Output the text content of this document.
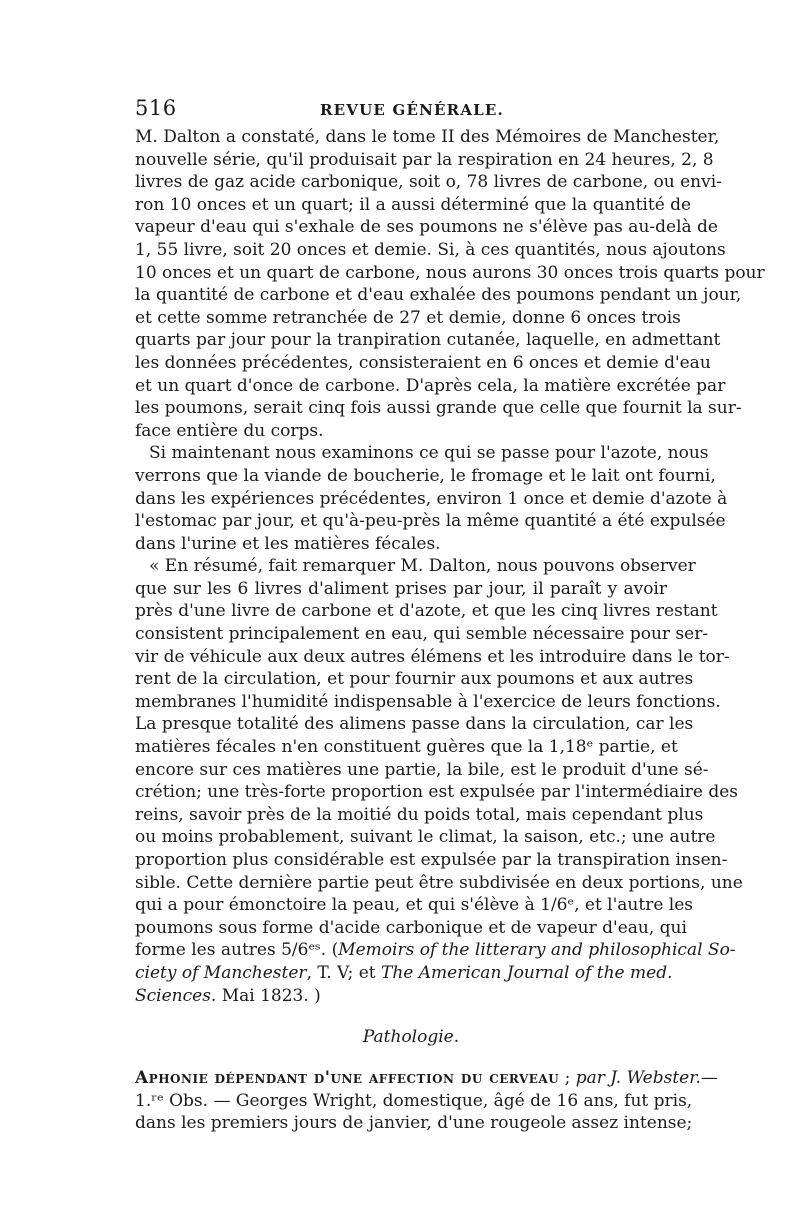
516	REVUE GÉNÉRALE.

M. Dalton a constaté, dans le tome II des Mémoires de Manchester,

nouvelle série, qu'il produisait par la respiration en 24 heures, 2, 8

livres de gaz acide carbonique, soit o, 78 livres de carbone, ou envi-

ron 10 onces et un quart; il a aussi déterminé que la quantité de

vapeur d'eau qui s'exhale de ses poumons ne s'élève pas au-delà de

1, 55 livre, soit 20 onces et demie. Si, à ces quantités, nous ajoutons

10 onces et un quart de carbone, nous aurons 30 onces trois quarts pour

la quantité de carbone et d'eau exhalée des poumons pendant un jour,

et cette somme retranchée de 27 et demie, donne 6 onces trois

quarts par jour pour la tranpiration cutanée, laquelle, en admettant

les données précédentes, consisteraient en 6 onces et demie d'eau

et un quart d'once de carbone. D'après cela, la matière excrétée par

les poumons, serait cinq fois aussi grande que celle que fournit la sur-

face entière du corps.

Si maintenant nous examinons ce qui se passe pour l'azote, nous

verrons que la viande de boucherie, le fromage et le lait ont fourni,

dans les expériences précédentes, environ 1 once et demie d'azote à

l'estomac par jour, et qu'à-peu-près la même quantité a été expulsée

dans l'urine et les matières fécales.

« En résumé, fait remarquer M. Dalton, nous pouvons observer

que sur les 6 livres d'aliment prises par jour, il paraît y avoir

près d'une livre de carbone et d'azote, et que les cinq livres restant

consistent principalement en eau, qui semble nécessaire pour ser-

vir de véhicule aux deux autres élémens et les introduire dans le tor-

rent de la circulation, et pour fournir aux poumons et aux autres

membranes l'humidité indispensable à l'exercice de leurs fonctions.

La presque totalité des alimens passe dans la circulation, car les

matières fécales n'en constituent guères que la 1,18ᵉ partie, et

encore sur ces matières une partie, la bile, est le produit d'une sé-

crétion; une très-forte proportion est expulsée par l'intermédiaire des

reins, savoir près de la moitié du poids total, mais cependant plus

ou moins probablement, suivant le climat, la saison, etc.; une autre

proportion plus considérable est expulsée par la transpiration insen-

sible. Cette dernière partie peut être subdivisée en deux portions, une

qui a pour émonctoire la peau, et qui s'élève à 1/6ᵉ, et l'autre les

poumons sous forme d'acide carbonique et de vapeur d'eau, qui

forme les autres 5/6ᵉˢ. (Memoirs of the litterary and philosophical So-

ciety of Manchester, T. V; et The American Journal of the med.

Sciences. Mai 1823. )

Pathologie.

Aphonie dépendant d'une affection du cerveau ; par J. Webster.—

1.ʳᵉ Obs. — Georges Wright, domestique, âgé de 16 ans, fut pris,

dans les premiers jours de janvier, d'une rougeole assez intense;
